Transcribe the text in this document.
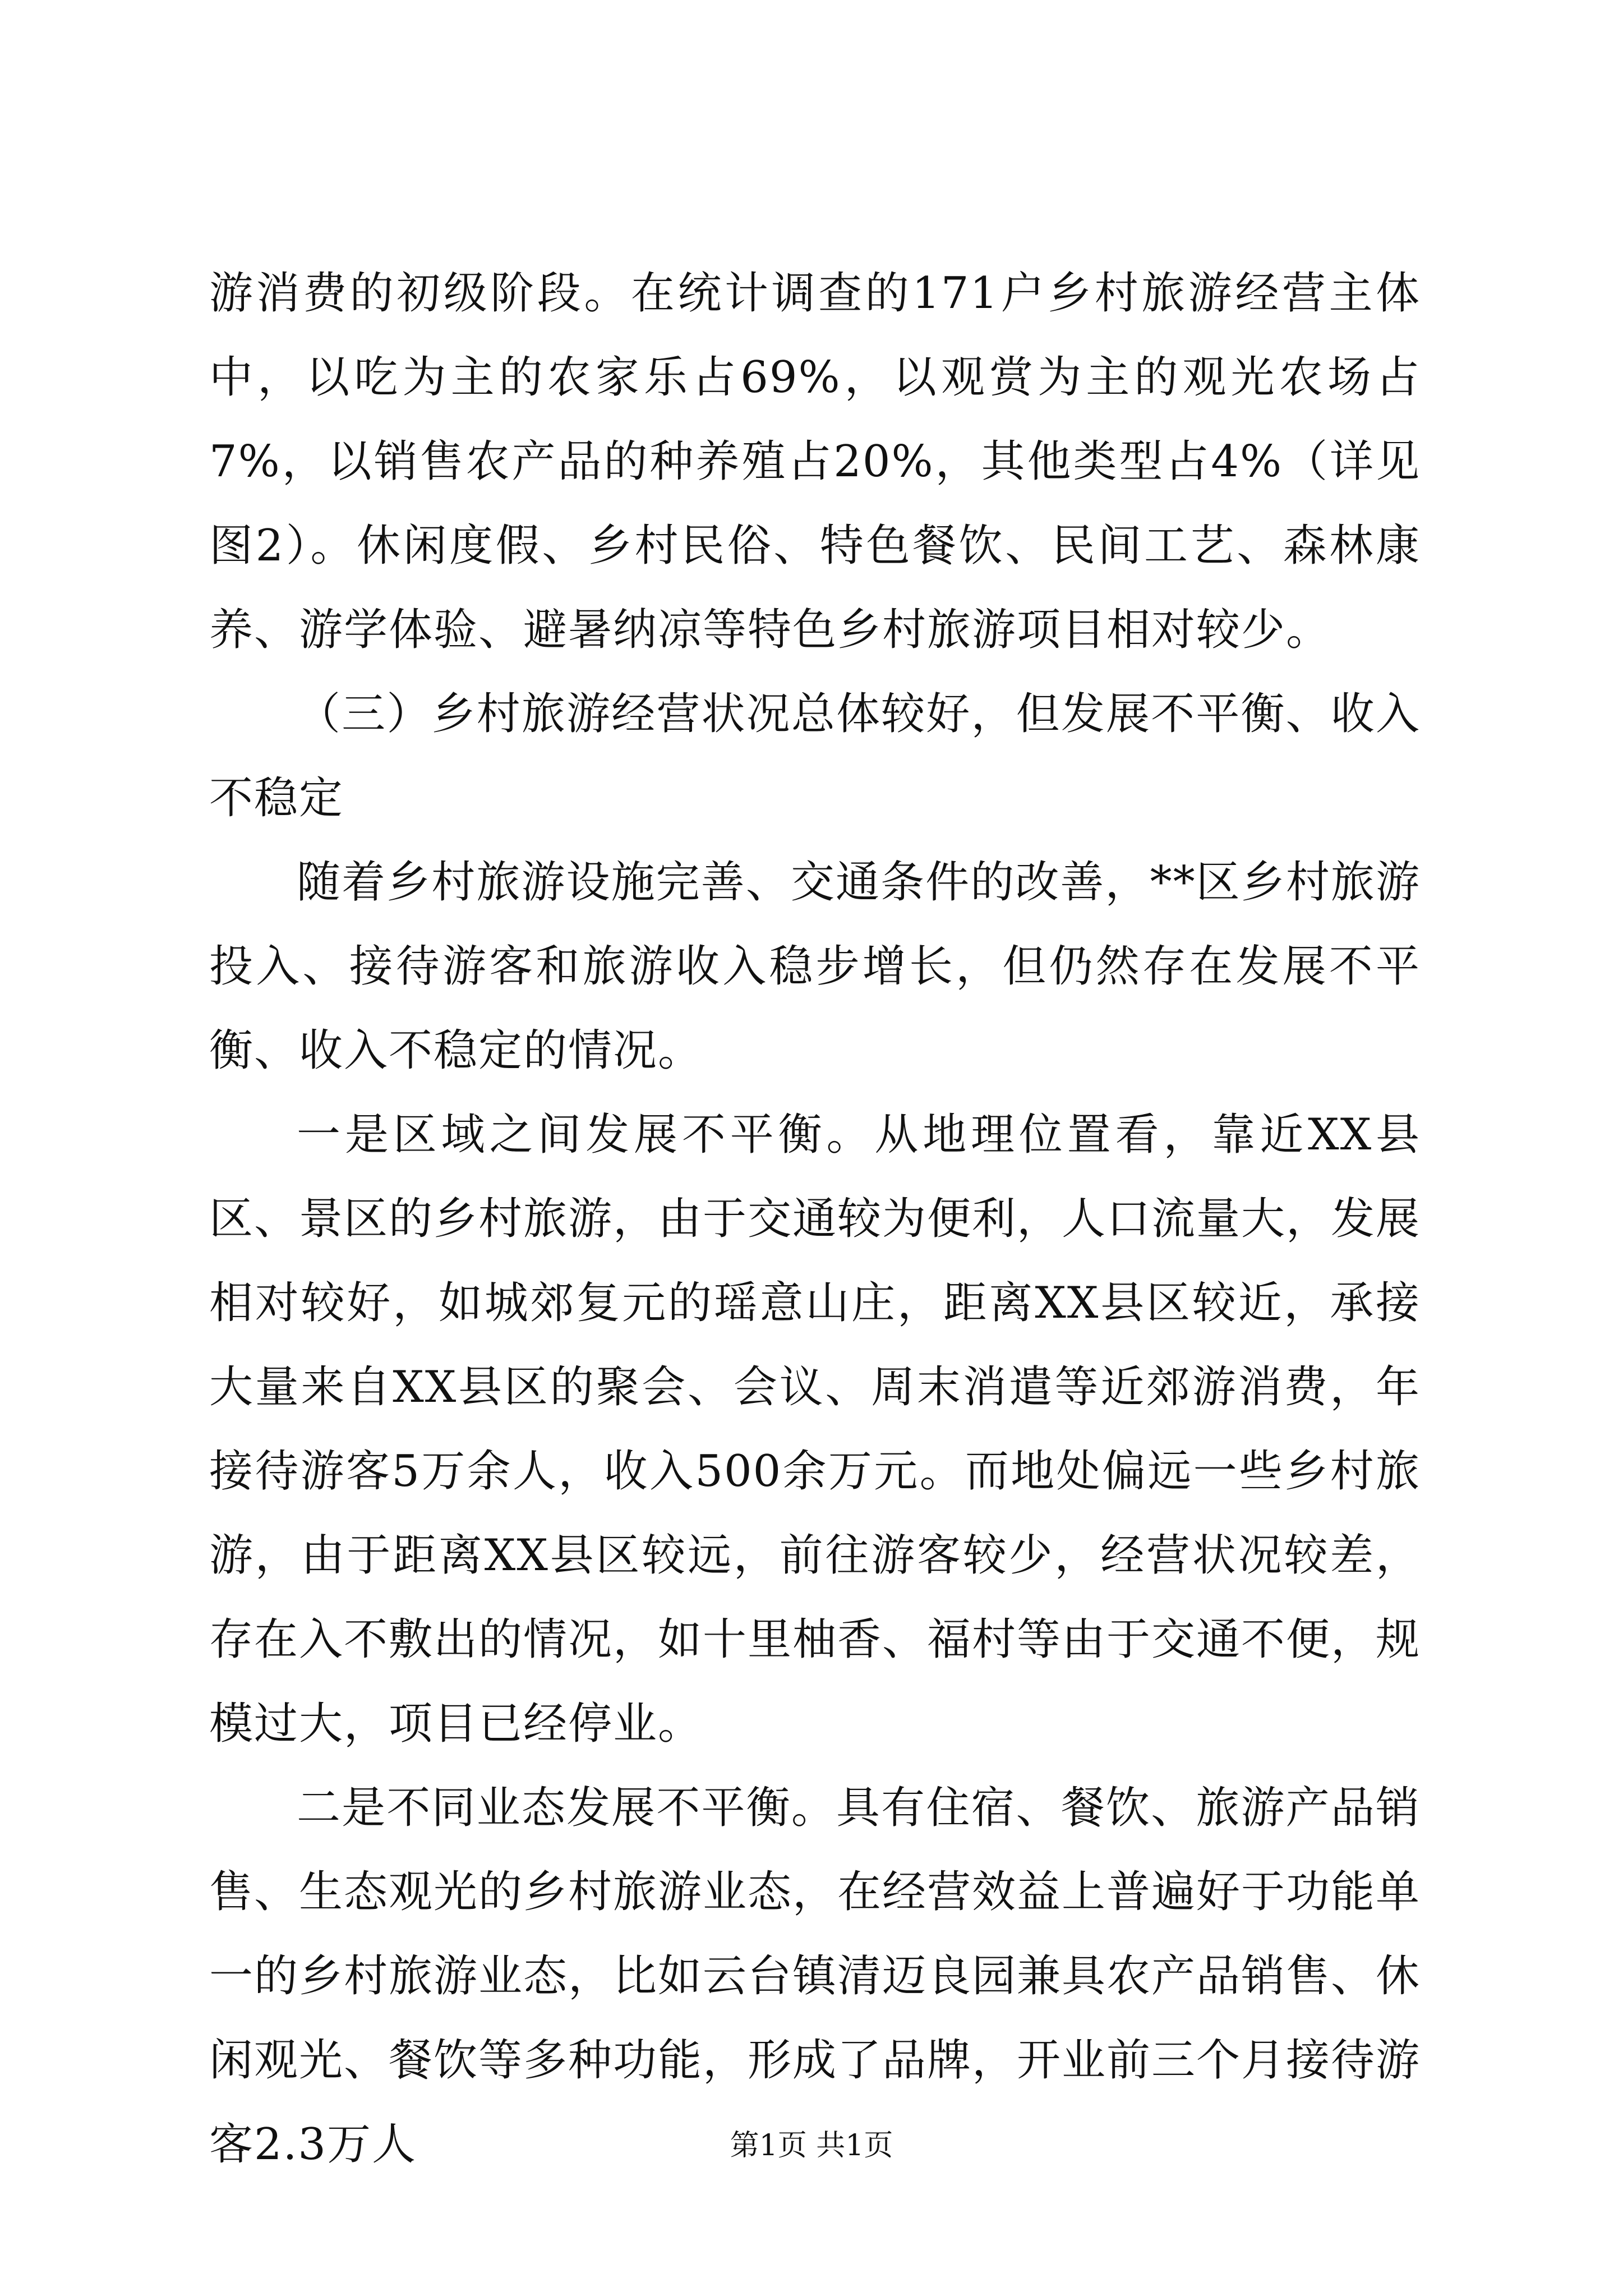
游消费的初级阶段。在统计调查的171户乡村旅游经营主体中，以吃为主的农家乐占69%，以观赏为主的观光农场占7%，以销售农产品的种养殖占20%，其他类型占4%（详见图2）。休闲度假、乡村民俗、特色餐饮、民间工艺、森林康养、游学体验、避暑纳凉等特色乡村旅游项目相对较少。

（三）乡村旅游经营状况总体较好，但发展不平衡、收入不稳定

随着乡村旅游设施完善、交通条件的改善，**区乡村旅游投入、接待游客和旅游收入稳步增长，但仍然存在发展不平衡、收入不稳定的情况。

一是区域之间发展不平衡。从地理位置看，靠近XX县区、景区的乡村旅游，由于交通较为便利，人口流量大，发展相对较好，如城郊复元的瑶意山庄，距离XX县区较近，承接大量来自XX县区的聚会、会议、周末消遣等近郊游消费，年接待游客5万余人，收入500余万元。而地处偏远一些乡村旅游，由于距离XX县区较远，前往游客较少，经营状况较差，存在入不敷出的情况，如十里柚香、福村等由于交通不便，规模过大，项目已经停业。

二是不同业态发展不平衡。具有住宿、餐饮、旅游产品销售、生态观光的乡村旅游业态，在经营效益上普遍好于功能单一的乡村旅游业态，比如云台镇清迈良园兼具农产品销售、休闲观光、餐饮等多种功能，形成了品牌，开业前三个月接待游客2.3万人	第1页 共1页
